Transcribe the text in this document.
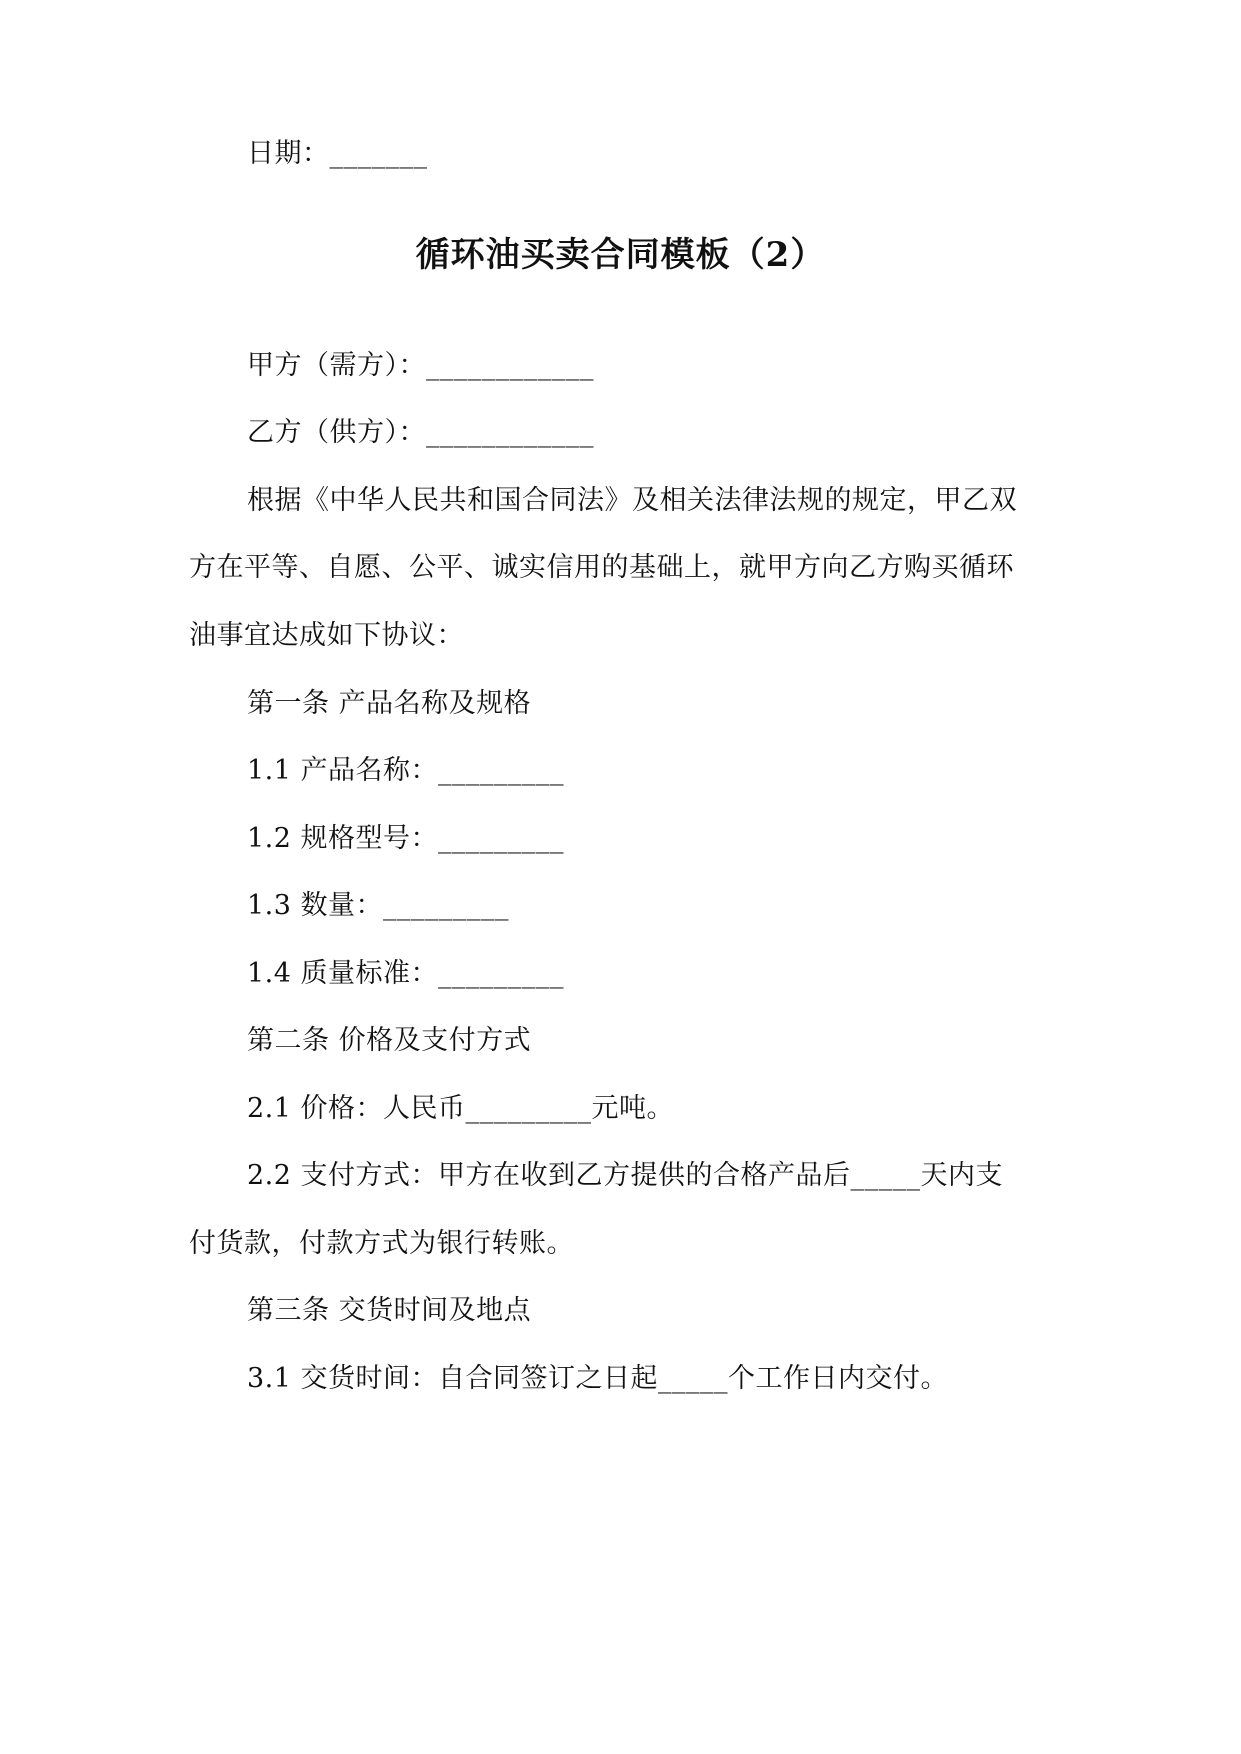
日期：_______
循环油买卖合同模板（2）
甲方（需方）：____________
乙方（供方）：____________
根据《中华人民共和国合同法》及相关法律法规的规定，甲乙双
方在平等、自愿、公平、诚实信用的基础上，就甲方向乙方购买循环
油事宜达成如下协议：
第一条 产品名称及规格
1.1 产品名称：_________
1.2 规格型号：_________
1.3 数量：_________
1.4 质量标准：_________
第二条 价格及支付方式
2.1 价格：人民币_________元吨。
2.2 支付方式：甲方在收到乙方提供的合格产品后_____天内支
付货款，付款方式为银行转账。
第三条 交货时间及地点
3.1 交货时间：自合同签订之日起_____个工作日内交付。
